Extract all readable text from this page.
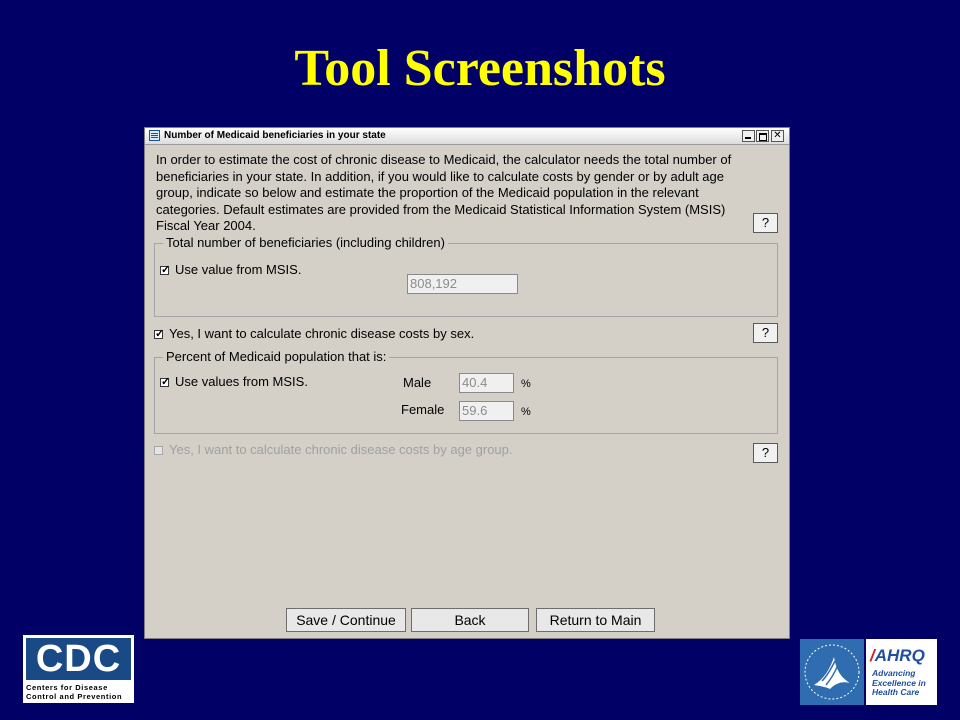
Tool Screenshots
Number of Medicaid beneficiaries in your state	✕
In order to estimate the cost of chronic disease to Medicaid, the calculator needs the total number of beneficiaries in your state. In addition, if you would like to calculate costs by gender or by adult age group, indicate so below and estimate the proportion of the Medicaid population in the relevant categories. Default estimates are provided from the Medicaid Statistical Information System (MSIS) Fiscal Year 2004.	?
Total number of beneficiaries (including children)
✓
Use value from MSIS.
808,192
✓
Yes, I want to calculate chronic disease costs by sex.	?
Percent of Medicaid population that is:
✓
Use values from MSIS.	Male 40.4	%
Female 59.6	%
Yes, I want to calculate chronic disease costs by age group.	?
Save / Continue	Back	Return to Main
CDC
Centers for Disease
Control and Prevention
/AHRQ
Advancing
Excellence in
Health Care
